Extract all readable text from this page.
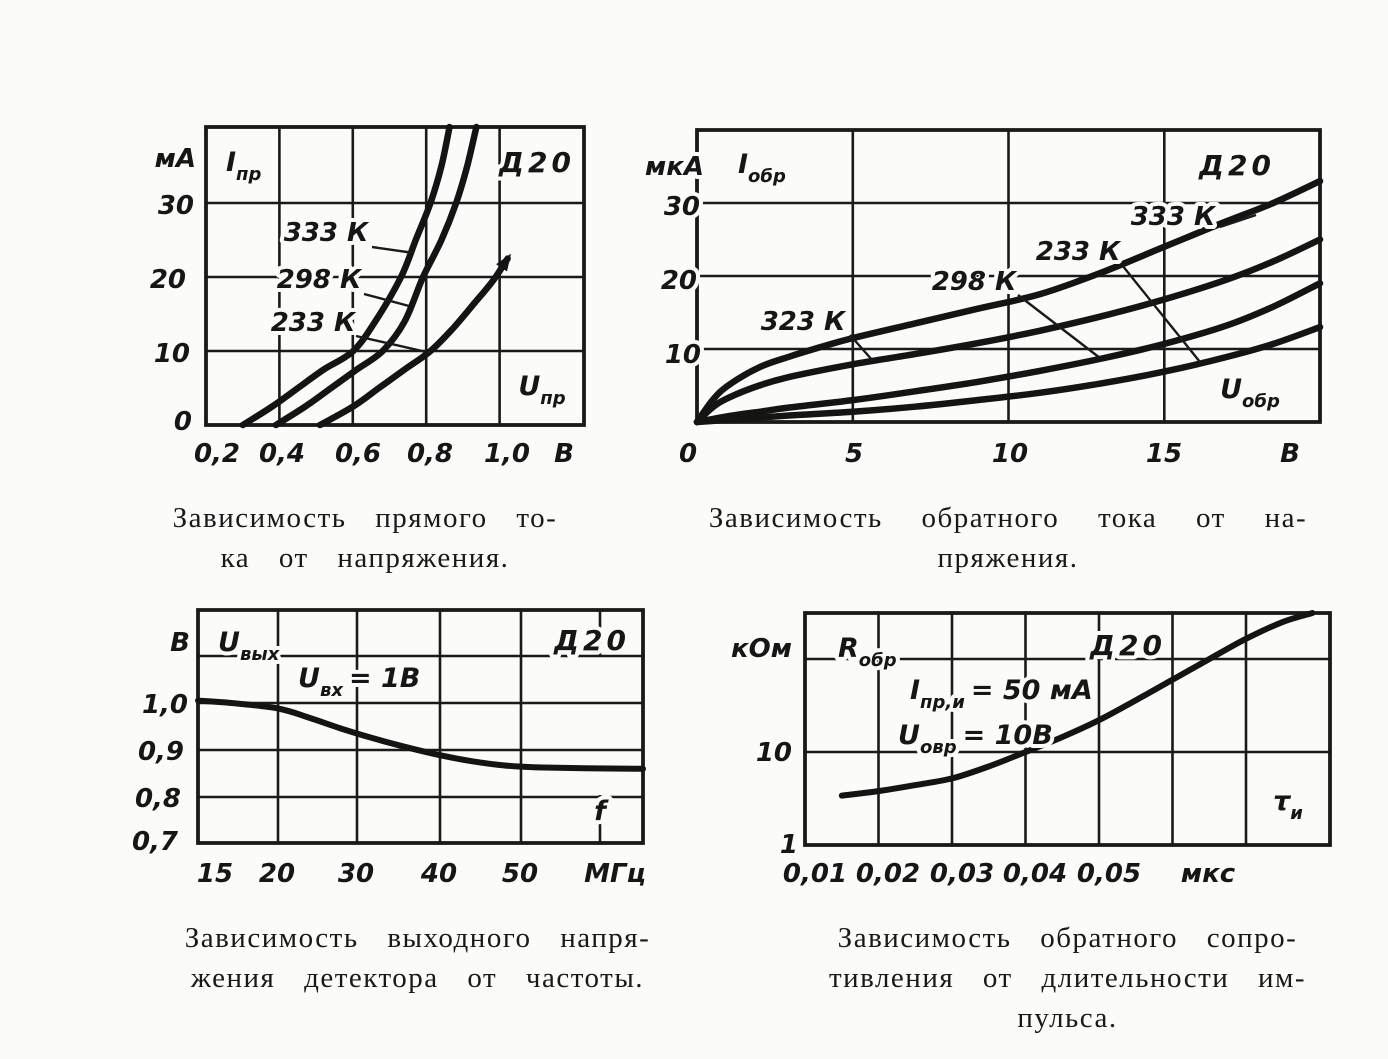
мА
30
20
10
0
0,2 0,4 0,6 0,8 1,0 В
$I_{пр}$	Д20
$U_{пр}$
333 К
298 К
233 К
мкА
30
20
10
0	5	10	15	В
$I_{обр}$	Д20
$U_{обр}$
333 К
233 К
298 К
323 К
В
1,0
0,9
0,8
0,7
15 20 30 40 50 МГц
$U_{вых}$	Д20
$U_{вх} = 1В$
f
кОм
10
1
0,01 0,02 0,03 0,04 0,05 мкс
$R_{обр}$	Д20
$I_{пр,и} = 50$ мА
$U_{овр} = 10В$
$\tau_и$
Зависимость прямого то-
ка от напряжения.
Зависимость обратного тока от на-
пряжения.
Зависимость выходного напря-
жения детектора от частоты.
Зависимость обратного сопро-
тивления от длительности им-
пульса.
